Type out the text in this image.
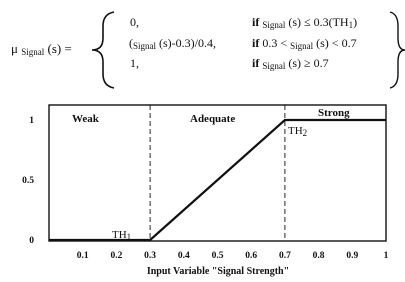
μ Signal (s) =
0,	if Signal (s) ≤ 0.3(TH1)
(Signal (s)-0.3)/0.4,	if 0.3 < Signal (s) < 0.7
1,	if Signal (s) ≥ 0.7
Weak	Adequate	Strong
TH1
TH2
0.1 0.2 0.3 0.4 0.5 0.6 0.7 0.8 0.9	1
0
0.5
1
Input Variable "Signal Strength"
